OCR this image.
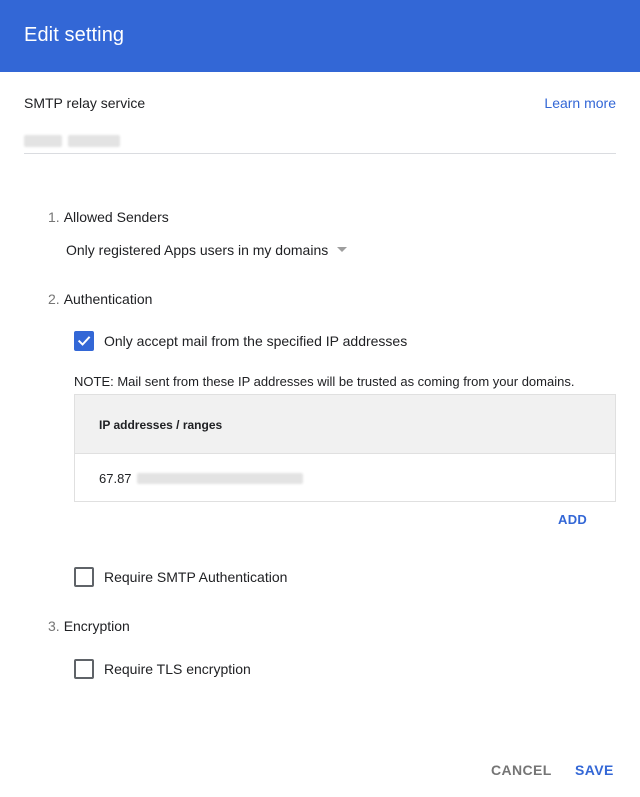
Edit setting
SMTP relay service	Learn more
1. Allowed Senders
Only registered Apps users in my domains
2. Authentication
Only accept mail from the specified IP addresses
NOTE: Mail sent from these IP addresses will be trusted as coming from your domains.
IP addresses / ranges
67.87
ADD
Require SMTP Authentication
3. Encryption
Require TLS encryption
CANCEL SAVE
